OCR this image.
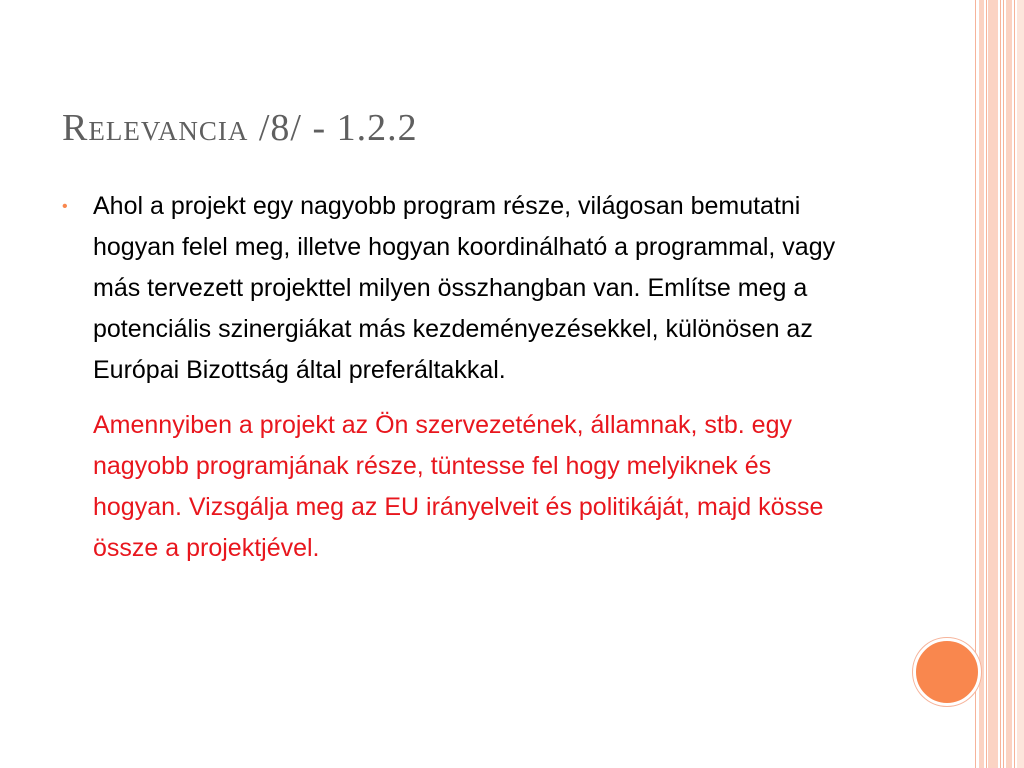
Relevancia /8/ - 1.2.2
• Ahol a projekt egy nagyobb program része, világosan bemutatni hogyan felel meg, illetve hogyan koordinálható a programmal, vagy más tervezett projekttel milyen összhangban van. Említse meg a potenciális szinergiákat más kezdeményezésekkel, különösen az Európai Bizottság által preferáltakkal.

Amennyiben a projekt az Ön szervezetének, államnak, stb. egy nagyobb programjának része, tüntesse fel hogy melyiknek és hogyan. Vizsgálja meg az EU irányelveit és politikáját, majd kösse össze a projektjével.
